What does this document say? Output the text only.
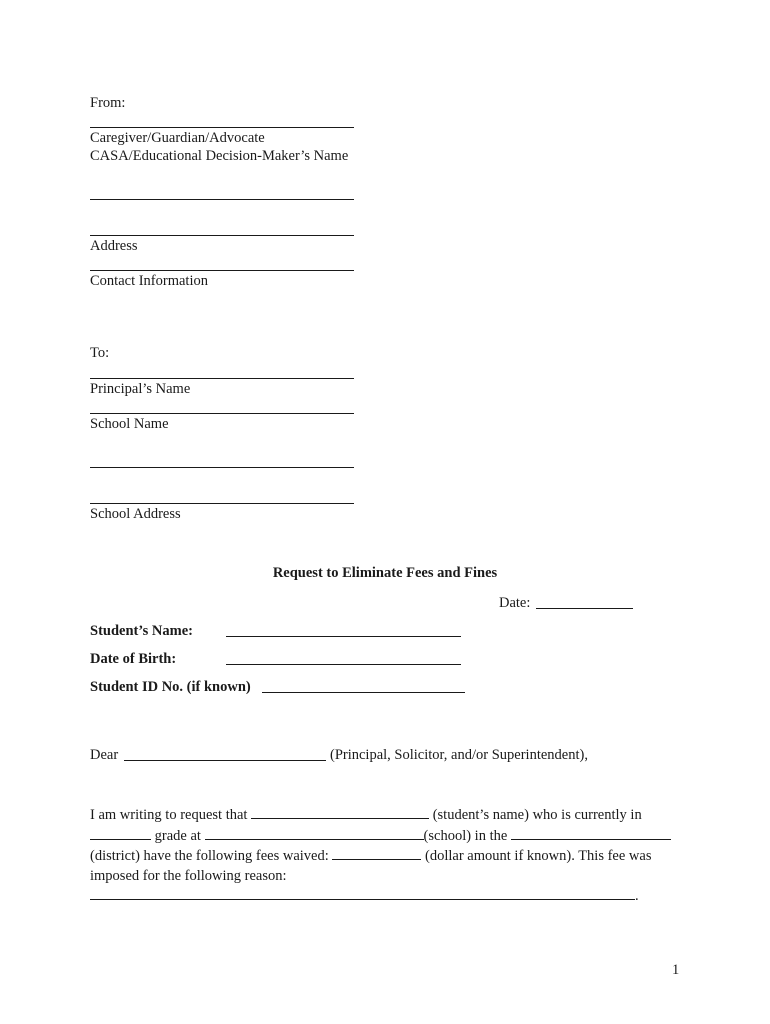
From:
Caregiver/Guardian/Advocate
CASA/Educational Decision-Maker’s Name
Address
Contact Information
To:
Principal’s Name
School Name
School Address
Request to Eliminate Fees and Fines
Date:
Student’s Name:
Date of Birth:
Student ID No. (if known)
Dear	(Principal, Solicitor, and/or Superintendent),
I am writing to request that	(student’s name) who is currently in
grade at	(school) in the
(district) have the following fees waived:	(dollar amount if known). This fee was
imposed for the following reason:
.
1
